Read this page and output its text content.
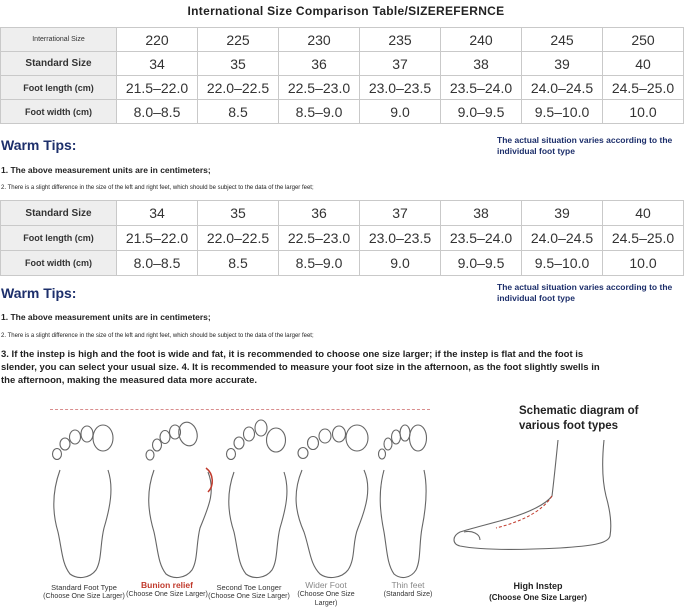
International Size Comparison Table/SIZEREFERNCE
Interrational Size	220	225	230	235	240	245	250
Standard Size	34	35	36	37	38	39	40
Foot length (cm)	21.5–22.0	22.0–22.5	22.5–23.0	23.0–23.5	23.5–24.0	24.0–24.5	24.5–25.0
Foot width (cm)	8.0–8.5	8.5	8.5–9.0	9.0	9.0–9.5	9.5–10.0	10.0
Warm Tips:	The actual situation varies according to the individual foot type
1. The above measurement units are in centimeters;
2. There is a slight difference in the size of the left and right feet, which should be subject to the data of the larger feet;
Standard Size	34	35	36	37	38	39	40
Foot length (cm)	21.5–22.0	22.0–22.5	22.5–23.0	23.0–23.5	23.5–24.0	24.0–24.5	24.5–25.0
Foot width (cm)	8.0–8.5	8.5	8.5–9.0	9.0	9.0–9.5	9.5–10.0	10.0
Warm Tips:	The actual situation varies according to the individual foot type
1. The above measurement units are in centimeters;
2. There is a slight difference in the size of the left and right feet, which should be subject to the data of the larger feet;
3. If the instep is high and the foot is wide and fat, it is recommended to choose one size larger; if the instep is flat and the foot is slender, you can select your usual size. 4. It is recommended to measure your foot size in the afternoon, as the foot slightly swells in the afternoon, making the measured data more accurate.
Standard Foot Type
(Choose One Size Larger)
Bunion relief
(Choose One Size Larger)
Second Toe Longer
(Choose One Size Larger)
Wider Foot
(Choose One Size Larger)
Thin feet
(Standard Size)
Schematic diagram of various foot types
High Instep
(Choose One Size Larger)
